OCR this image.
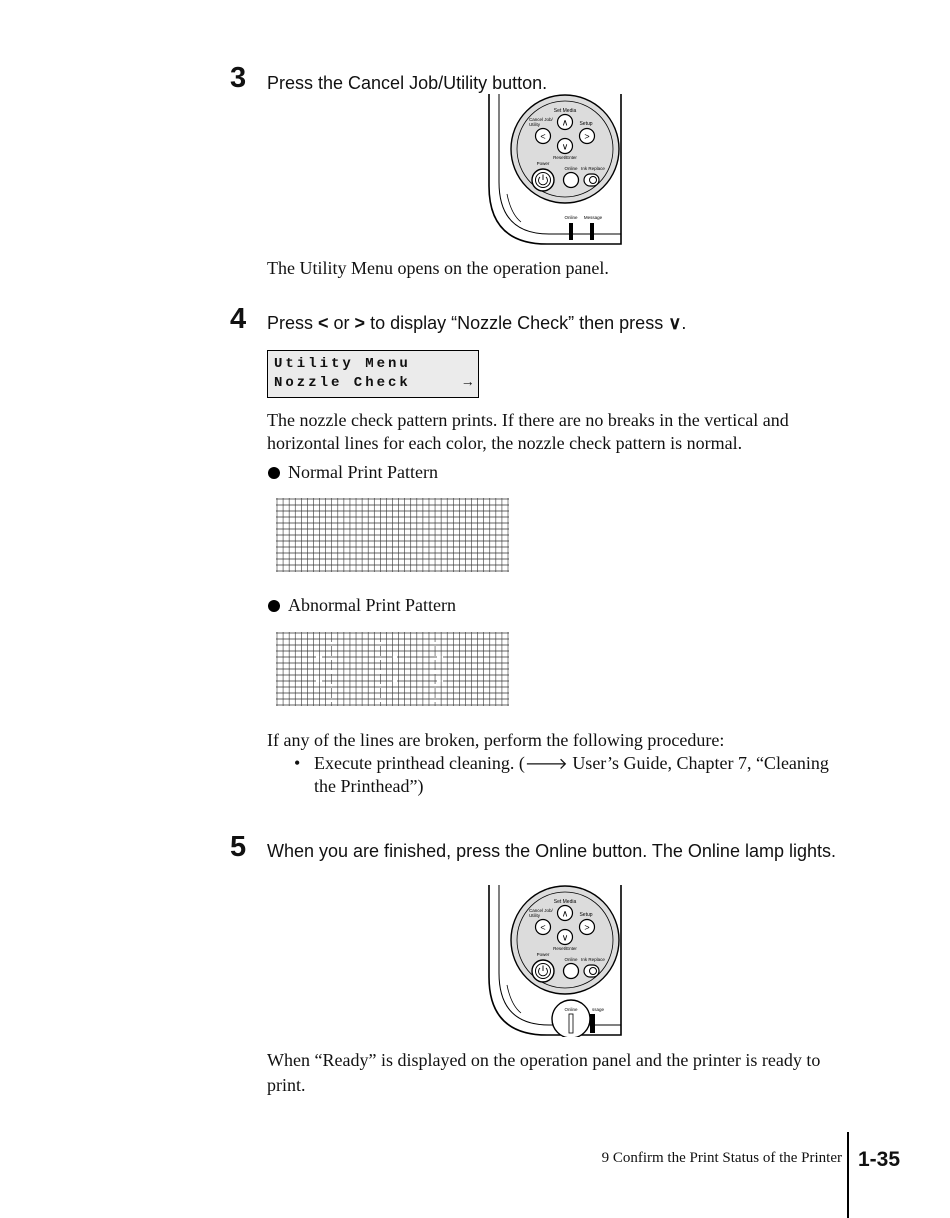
3 Press the Cancel Job/Utility button.
Set Media
∧
Cancel Job/
Utility
<
Setup
>
∨
Reset/Enter
Power
Online Ink Replace
Online Message
The Utility Menu opens on the operation panel.
4 Press < or > to display “Nozzle Check” then press ∨.
Utility Menu
Nozzle Check	→
The nozzle check pattern prints. If there are no breaks in the vertical and horizontal lines for each color, the nozzle check pattern is normal.
Normal Print Pattern
Abnormal Print Pattern
If any of the lines are broken, perform the following procedure:
• Execute printhead cleaning. (🡒 User’s Guide, Chapter 7, “Cleaning the Printhead”)
5 When you are finished, press the Online button. The Online lamp lights.
Set Media
∧
Cancel Job/
Utility
<
Setup
>
∨
Reset/Enter
Power
Online Ink Replace
Online	ssage
When “Ready” is displayed on the operation panel and the printer is ready to print.
9 Confirm the Print Status of the Printer 1-35
